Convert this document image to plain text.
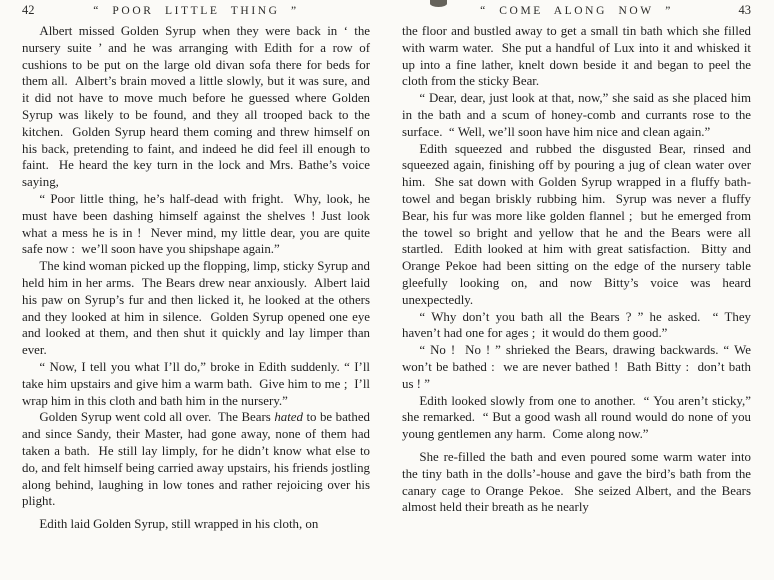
42	“ POOR LITTLE THING ”

Albert missed Golden Syrup when they were back in ‘ the nursery suite ’ and he was arranging with Edith for a row of cushions to be put on the large old divan sofa there for beds for them all.  Albert’s brain moved a little slowly, but it was sure, and it did not have to move much before he guessed where Golden Syrup was likely to be found, and they all trooped back to the kitchen.  Golden Syrup heard them coming and threw himself on his back, pretending to faint, and indeed he did feel ill enough to faint.  He heard the key turn in the lock and Mrs. Bathe’s voice saying,

“ Poor little thing, he’s half-dead with fright.  Why, look, he must have been dashing himself against the shelves ! Just look what a mess he is in !  Never mind, my little dear, you are quite safe now :  we’ll soon have you shipshape again.”

The kind woman picked up the flopping, limp, sticky Syrup and held him in her arms.  The Bears drew near anxiously.  Albert laid his paw on Syrup’s fur and then licked it, he looked at the others and they looked at him in silence.  Golden Syrup opened one eye and looked at them, and then shut it quickly and lay limper than ever.

“ Now, I tell you what I’ll do,” broke in Edith suddenly. “ I’ll take him upstairs and give him a warm bath.  Give him to me ;  I’ll wrap him in this cloth and bath him in the nursery.”

Golden Syrup went cold all over.  The Bears hated to be bathed and since Sandy, their Master, had gone away, none of them had taken a bath.  He still lay limply, for he didn’t know what else to do, and felt himself being carried away upstairs, his friends jostling along behind, laughing in low tones and rather rejoicing over his plight.

Edith laid Golden Syrup, still wrapped in his cloth, on

“ COME ALONG NOW ”	43

the floor and bustled away to get a small tin bath which she filled with warm water.  She put a handful of Lux into it and whisked it up into a fine lather, knelt down beside it and began to peel the cloth from the sticky Bear.

“ Dear, dear, just look at that, now,” she said as she placed him in the bath and a scum of honey-comb and currants rose to the surface.  “ Well, we’ll soon have him nice and clean again.”

Edith squeezed and rubbed the disgusted Bear, rinsed and squeezed again, finishing off by pouring a jug of clean water over him.  She sat down with Golden Syrup wrapped in a fluffy bath-towel and began briskly rubbing him.  Syrup was never a fluffy Bear, his fur was more like golden flannel ;  but he emerged from the towel so bright and yellow that he and the Bears were all startled.  Edith looked at him with great satisfaction.  Bitty and Orange Pekoe had been sitting on the edge of the nursery table gleefully looking on, and now Bitty’s voice was heard unexpectedly.

“ Why don’t you bath all the Bears ? ” he asked.  “ They haven’t had one for ages ;  it would do them good.”

“ No !  No ! ” shrieked the Bears, drawing backwards. “ We won’t be bathed :  we are never bathed !  Bath Bitty :  don’t bath us ! ”

Edith looked slowly from one to another.  “ You aren’t sticky,” she remarked.  “ But a good wash all round would do none of you young gentlemen any harm.  Come along now.”

She re-filled the bath and even poured some warm water into the tiny bath in the dolls’-house and gave the bird’s bath from the canary cage to Orange Pekoe.  She seized Albert, and the Bears almost held their breath as he nearly
